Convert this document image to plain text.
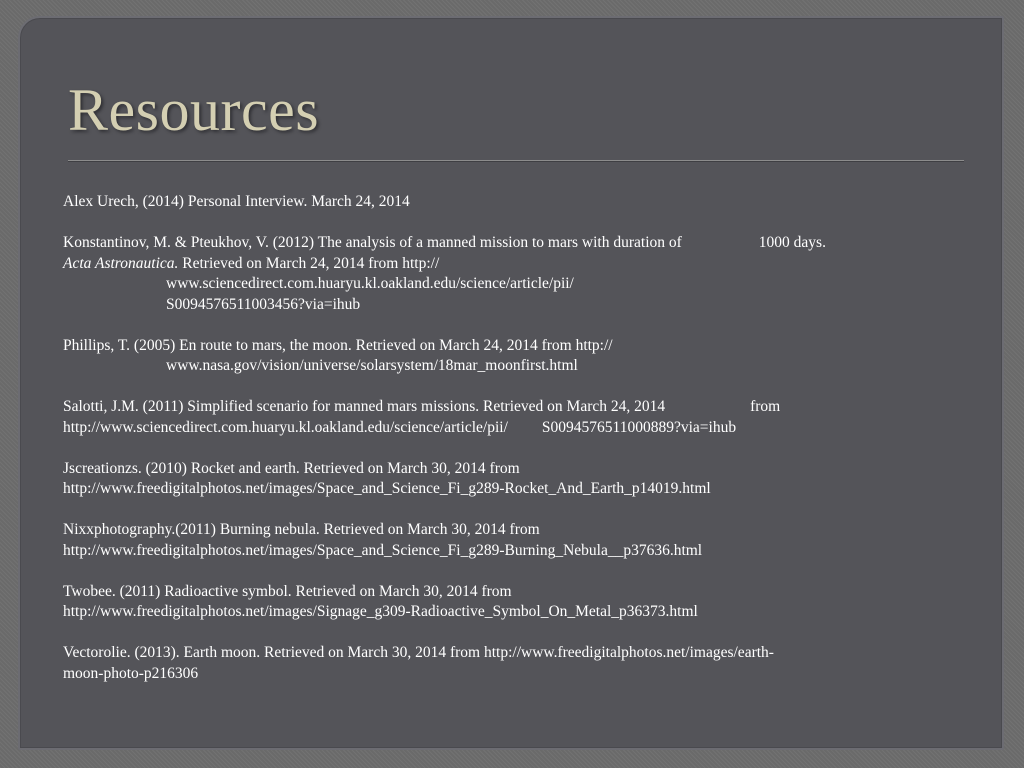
Resources

Alex Urech, (2014) Personal Interview. March 24, 2014

Konstantinov, M. & Pteukhov, V. (2012) The analysis of a manned mission to mars with duration of	1000 days.
Acta Astronautica. Retrieved on March 24, 2014 from http://
www.sciencedirect.com.huaryu.kl.oakland.edu/science/article/pii/
S0094576511003456?via=ihub

Phillips, T. (2005) En route to mars, the moon. Retrieved on March 24, 2014 from http://
www.nasa.gov/vision/universe/solarsystem/18mar_moonfirst.html

Salotti, J.M. (2011) Simplified scenario for manned mars missions. Retrieved on March 24, 2014	from
http://www.sciencedirect.com.huaryu.kl.oakland.edu/science/article/pii/ S0094576511000889?via=ihub

Jscreationzs. (2010) Rocket and earth. Retrieved on March 30, 2014 from
http://www.freedigitalphotos.net/images/Space_and_Science_Fi_g289-Rocket_And_Earth_p14019.html

Nixxphotography.(2011) Burning nebula. Retrieved on March 30, 2014 from
http://www.freedigitalphotos.net/images/Space_and_Science_Fi_g289-Burning_Nebula__p37636.html

Twobee. (2011) Radioactive symbol. Retrieved on March 30, 2014 from
http://www.freedigitalphotos.net/images/Signage_g309-Radioactive_Symbol_On_Metal_p36373.html

Vectorolie. (2013). Earth moon. Retrieved on March 30, 2014 from http://www.freedigitalphotos.net/images/earth-
moon-photo-p216306
